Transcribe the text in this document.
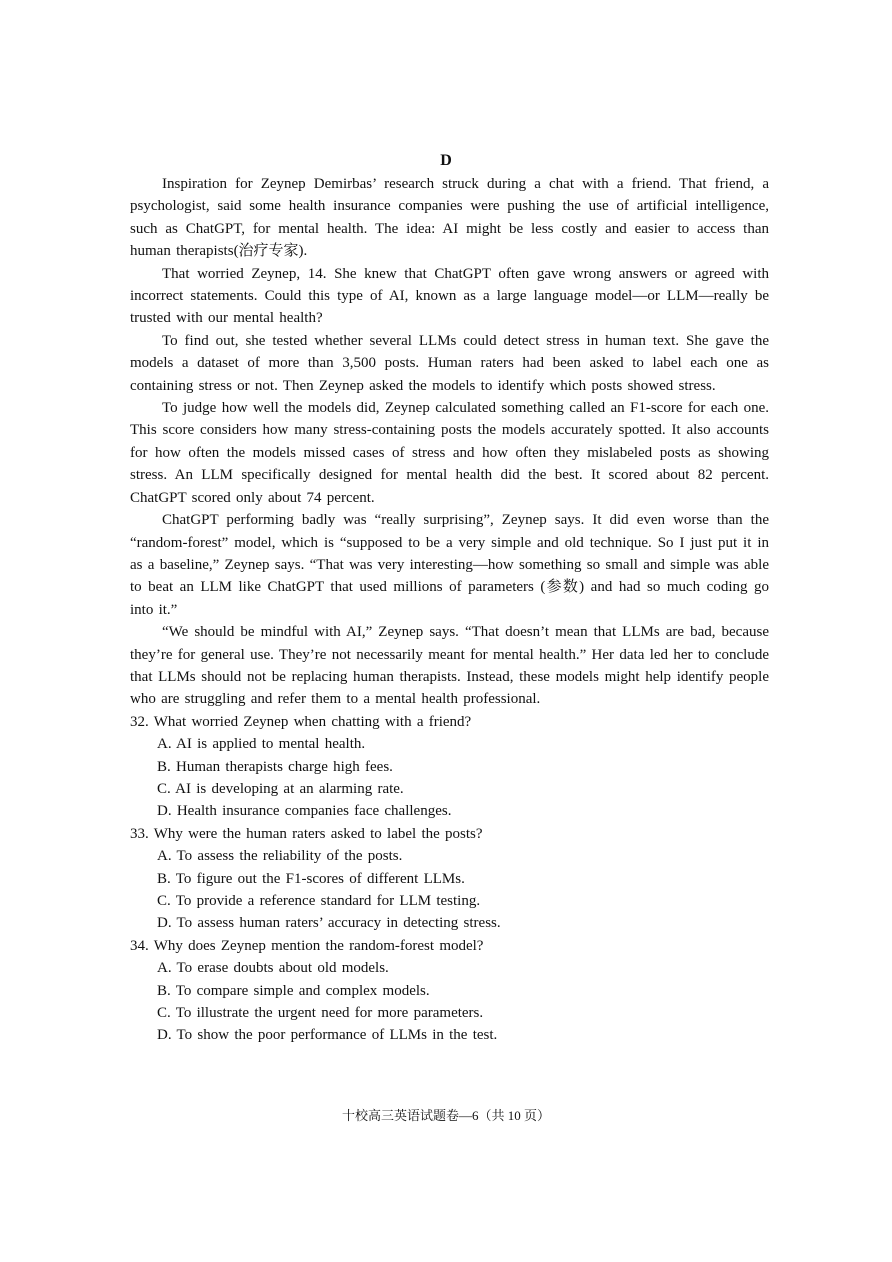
D

Inspiration for Zeynep Demirbas’ research struck during a chat with a friend. That friend, a psychologist, said some health insurance companies were pushing the use of artificial intelligence, such as ChatGPT, for mental health. The idea: AI might be less costly and easier to access than human therapists(治疗专家).

That worried Zeynep, 14. She knew that ChatGPT often gave wrong answers or agreed with incorrect statements. Could this type of AI, known as a large language model—or LLM—really be trusted with our mental health?

To find out, she tested whether several LLMs could detect stress in human text. She gave the models a dataset of more than 3,500 posts. Human raters had been asked to label each one as containing stress or not. Then Zeynep asked the models to identify which posts showed stress.

To judge how well the models did, Zeynep calculated something called an F1-score for each one. This score considers how many stress-containing posts the models accurately spotted. It also accounts for how often the models missed cases of stress and how often they mislabeled posts as showing stress. An LLM specifically designed for mental health did the best. It scored about 82 percent. ChatGPT scored only about 74 percent.

ChatGPT performing badly was “really surprising”, Zeynep says. It did even worse than the “random-forest” model, which is “supposed to be a very simple and old technique. So I just put it in as a baseline,” Zeynep says. “That was very interesting—how something so small and simple was able to beat an LLM like ChatGPT that used millions of parameters (参数) and had so much coding go into it.”

“We should be mindful with AI,” Zeynep says. “That doesn’t mean that LLMs are bad, because they’re for general use. They’re not necessarily meant for mental health.” Her data led her to conclude that LLMs should not be replacing human therapists. Instead, these models might help identify people who are struggling and refer them to a mental health professional.

32. What worried Zeynep when chatting with a friend?
A. AI is applied to mental health.
B. Human therapists charge high fees.
C. AI is developing at an alarming rate.
D. Health insurance companies face challenges.
33. Why were the human raters asked to label the posts?
A. To assess the reliability of the posts.
B. To figure out the F1-scores of different LLMs.
C. To provide a reference standard for LLM testing.
D. To assess human raters’ accuracy in detecting stress.
34. Why does Zeynep mention the random-forest model?
A. To erase doubts about old models.
B. To compare simple and complex models.
C. To illustrate the urgent need for more parameters.
D. To show the poor performance of LLMs in the test.
十校高三英语试题卷—6（共 10 页）
